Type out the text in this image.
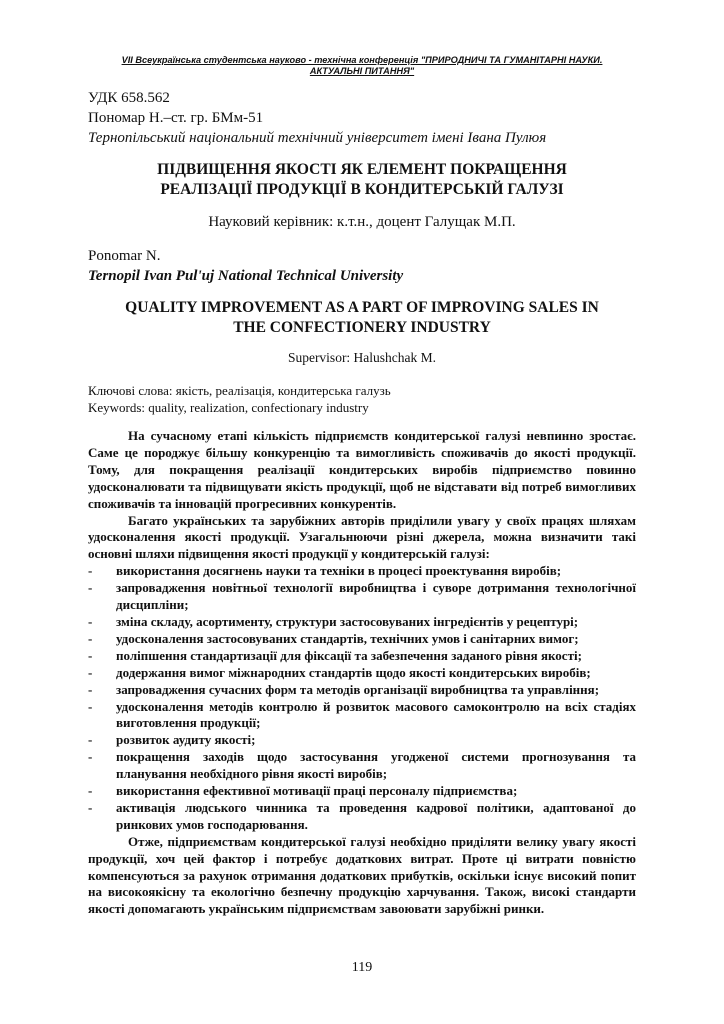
VII Всеукраїнська студентська науково - технічна конференція "ПРИРОДНИЧІ ТА ГУМАНІТАРНІ НАУКИ.
АКТУАЛЬНІ ПИТАННЯ"
УДК 658.562
Пономар Н.–ст. гр. БМм-51
Тернопільський національний технічний університет імені Івана Пулюя
ПІДВИЩЕННЯ ЯКОСТІ ЯК ЕЛЕМЕНТ ПОКРАЩЕННЯ
РЕАЛІЗАЦІЇ ПРОДУКЦІЇ В КОНДИТЕРСЬКІЙ ГАЛУЗІ
Науковий керівник: к.т.н., доцент Галущак М.П.
Ponomar N.
Ternopil Ivan Pul'uj National Technical University
QUALITY IMPROVEMENT AS A PART OF IMPROVING SALES IN
THE CONFECTIONERY INDUSTRY
Supervisor: Halushchak M.
Ключові слова: якість, реалізація, кондитерська галузь
Keywords: quality, realization, confectionary industry

На сучасному етапі кількість підприємств кондитерської галузі невпинно зростає. Саме це породжує більшу конкуренцію та вимогливість споживачів до якості продукції. Тому, для покращення реалізації кондитерських виробів підприємство повинно удосконалювати та підвищувати якість продукції, щоб не відставати від потреб вимогливих споживачів та інновацій прогресивних конкурентів.

Багато українських та зарубіжних авторів приділили увагу у своїх працях шляхам удосконалення якості продукції. Узагальнюючи різні джерела, можна визначити такі основні шляхи підвищення якості продукції у кондитерській галузі:

- використання досягнень науки та техніки в процесі проектування виробів;
- запровадження новітньої технології виробництва і суворе дотримання технологічної дисципліни;
- зміна складу, асортименту, структури застосовуваних інгредієнтів у рецептурі;
- удосконалення застосовуваних стандартів, технічних умов і санітарних вимог;
- поліпшення стандартизації для фіксації та забезпечення заданого рівня якості;
- додержання вимог міжнародних стандартів щодо якості кондитерських виробів;
- запровадження сучасних форм та методів організації виробництва та управління;
- удосконалення методів контролю й розвиток масового самоконтролю на всіх стадіях виготовлення продукції;
- розвиток аудиту якості;
- покращення заходів щодо застосування угодженої системи прогнозування та планування необхідного рівня якості виробів;
- використання ефективної мотивації праці персоналу підприємства;
- активація людського чинника та проведення кадрової політики, адаптованої до ринкових умов господарювання.

Отже, підприємствам кондитерської галузі необхідно приділяти велику увагу якості продукції, хоч цей фактор і потребує додаткових витрат. Проте ці витрати повністю компенсуються за рахунок отримання додаткових прибутків, оскільки існує високий попит на високоякісну та екологічно безпечну продукцію харчування. Також, високі стандарти якості допомагають українським підприємствам завоювати зарубіжні ринки.

119
